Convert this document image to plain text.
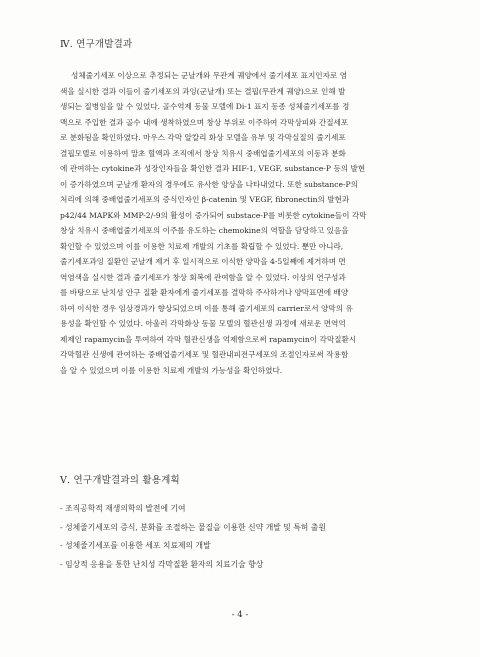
Ⅳ. 연구개발결과
성체줄기세포 이상으로 추정되는 군날개와 무관계 궤양에서 줄기세포 표지인자로 염
색을 실시한 결과 이들이 줄기세포의 과잉(군날개) 또는 결핍(무관계 궤양)으로 인해 발
생되는 질병임을 알 수 있었다. 골수억제 동물 모델에 Di-1 표지 동종 성체줄기세포를 정
맥으로 주입한 결과 골수 내에 생착하였으며 창상 부위로 이주하여 각막상피와 간질세포
로 분화됨을 확인하였다. 마우스 각막 알칼리 화상 모델을 유부 및 각막실질의 줄기세포
결핍모델로 이용하여 말초 혈액과 조직에서 창상 치유시 중배엽줄기세포의 이동과 분화
에 관여하는 cytokine과 성장인자들을 확인한 결과 HIF-1, VEGF, substance-P 등의 발현
이 증가하였으며 군날개 환자의 경우에도 유사한 양상을 나타내었다. 또한 substance-P의
처리에 의해 중배엽줄기세포의 증식인자인 β-catenin 및 VEGF, fibronectin의 발현과
p42/44 MAPK와 MMP-2/-9의 활성이 증가되어 substace-P를 비롯한 cytokine들이 각막
창상 치유시 중배엽줄기세포의 이주를 유도하는 chemokine의 역할을 담당하고 있음을
확인할 수 있었으며 이를 이용한 치료제 개발의 기초를 확립할 수 있었다. 뿐만 아니라,
줄기세포과잉 질환인 군날개 제거 후 일시적으로 이식한 양막을 4-5일째에 제거하며 면
역염색을 실시한 결과 줄기세포가 창상 회복에 관여함을 알 수 있었다. 이상의 연구성과
를 바탕으로 난치성 안구 질환 환자에게 줄기세포를 결막하 주사하거나 양막표면에 배양
하여 이식한 경우 임상경과가 향상되었으며 이를 통해 줄기세포의 carrier로서 양막의 유
용성을 확인할 수 있었다. 아울러 각막화상 동물 모델의 혈관신생 과정에 새로운 면역억
제제인 rapamycin을 투여하여 각막 혈관신생을 억제함으로써 rapamycin이 각막질환시
각막혈관 신생에 관여하는 중배엽줄기세포 및 혈관내피전구세포의 조절인자로써 작용함
을 알 수 있었으며 이를 이용한 치료제 개발의 가능성을 확인하였다.
Ⅴ. 연구개발결과의 활용계획
- 조직공학적 재생의학의 발전에 기여
- 성체줄기세포의 증식, 분화를 조절하는 물질을 이용한 신약 개발 및 특허 출원
- 성체줄기세포를 이용한 세포 치료제의 개발
- 임상적 응용을 통한 난치성 각막질환 환자의 치료기술 향상
- 4 -
